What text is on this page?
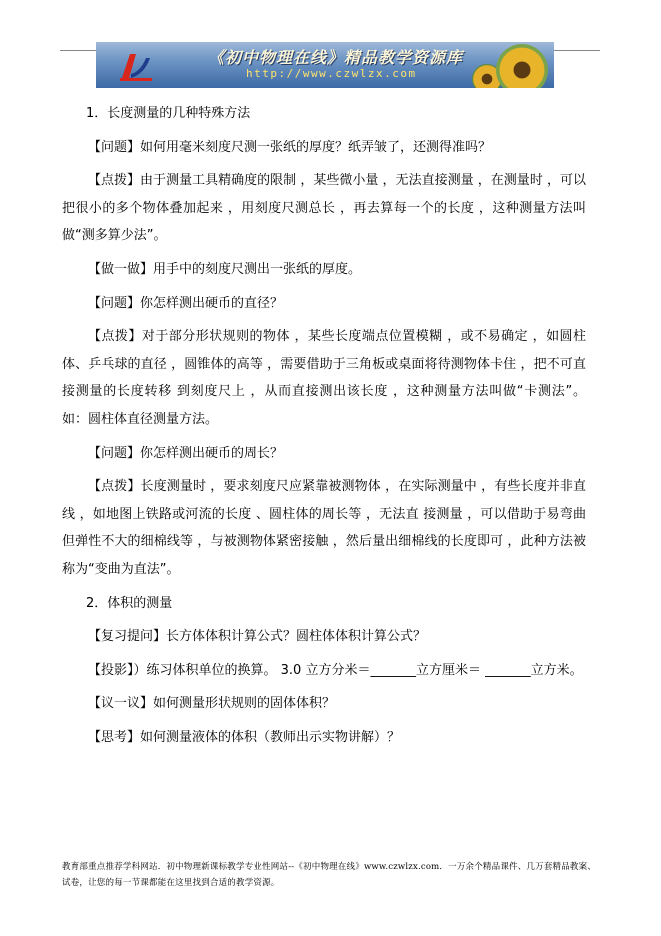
《初中物理在线》精品教学资源库
http://www.czwlzx.com

1．长度测量的几种特殊方法

【问题】如何用毫米刻度尺测一张纸的厚度？纸弄皱了，还测得准吗？

【点拨】由于测量工具精确度的限制 ，某些微小量 ，无法直接测量 ，在测量时 ，可以把很小的多个物体叠加起来 ，用刻度尺测总长 ，再去算每一个的长度 ，这种测量方法叫做“测多算少法”。

【做一做】用手中的刻度尺测出一张纸的厚度。

【问题】你怎样测出硬币的直径？

【点拨】对于部分形状规则的物体 ，某些长度端点位置模糊 ，或不易确定 ，如圆柱体、乒乓球的直径 ，圆锥体的高等 ，需要借助于三角板或桌面将待测物体卡住 ，把不可直接测量的长度转移 到刻度尺上 ，从而直接测出该长度 ，这种测量方法叫做“卡测法”。  如：圆柱体直径测量方法。

【问题】你怎样测出硬币的周长？

【点拨】长度测量时 ，要求刻度尺应紧靠被测物体 ，在实际测量中 ，有些长度并非直线 ，如地图上铁路或河流的长度 、圆柱体的周长等 ，无法直 接测量 ，可以借助于易弯曲但弹性不大的细棉线等 ，与被测物体紧密接触 ，然后量出细棉线的长度即可 ，此种方法被称为“变曲为直法”。

2．体积的测量

【复习提问】长方体体积计算公式？圆柱体体积计算公式？

【投影】）练习体积单位的换算。 3.0 立方分米＝_______立方厘米＝ _______立方米。

【议一议】如何测量形状规则的固体体积？

【思考】如何测量液体的体积（教师出示实物讲解）？

教育部重点推荐学科网站．初中物理新课标教学专业性网站--《初中物理在线》www.czwlzx.com．一万余个精品课件、几万套精品教案、试卷，让您的每一节课都能在这里找到合适的教学资源。
